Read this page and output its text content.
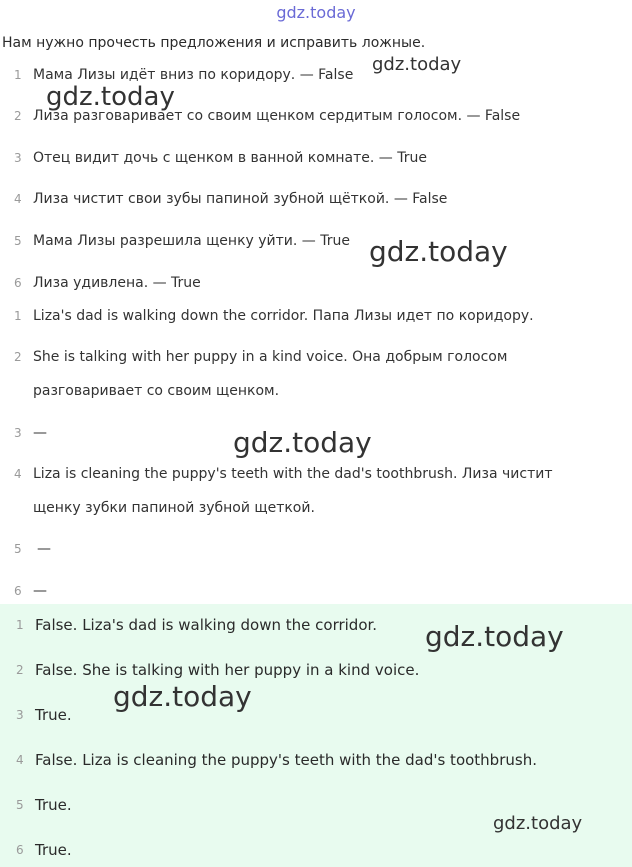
gdz.today
Нам нужно прочесть предложения и исправить ложные.
1 Мама Лизы идёт вниз по коридору. — False
2 Лиза разговаривает со своим щенком сердитым голосом. — False
3 Отец видит дочь с щенком в ванной комнате. — True
4 Лиза чистит свои зубы папиной зубной щёткой. — False
5 Мама Лизы разрешила щенку уйти. — True
6 Лиза удивлена. — True
1 Liza's dad is walking down the corridor. Папа Лизы идет по коридору.
2 She is talking with her puppy in a kind voice. Она добрым голосом разговаривает со своим щенком.
3 —
4 Liza is cleaning the puppy's teeth with the dad's toothbrush. Лиза чистит щенку зубки папиной зубной щеткой.
5 —
6 —
1 False. Liza's dad is walking down the corridor.
2 False. She is talking with her puppy in a kind voice.
3 True.
4 False. Liza is cleaning the puppy's teeth with the dad's toothbrush.
5 True.
6 True.
gdz.today
gdz.today
gdz.today
gdz.today
gdz.today
gdz.today
gdz.today
